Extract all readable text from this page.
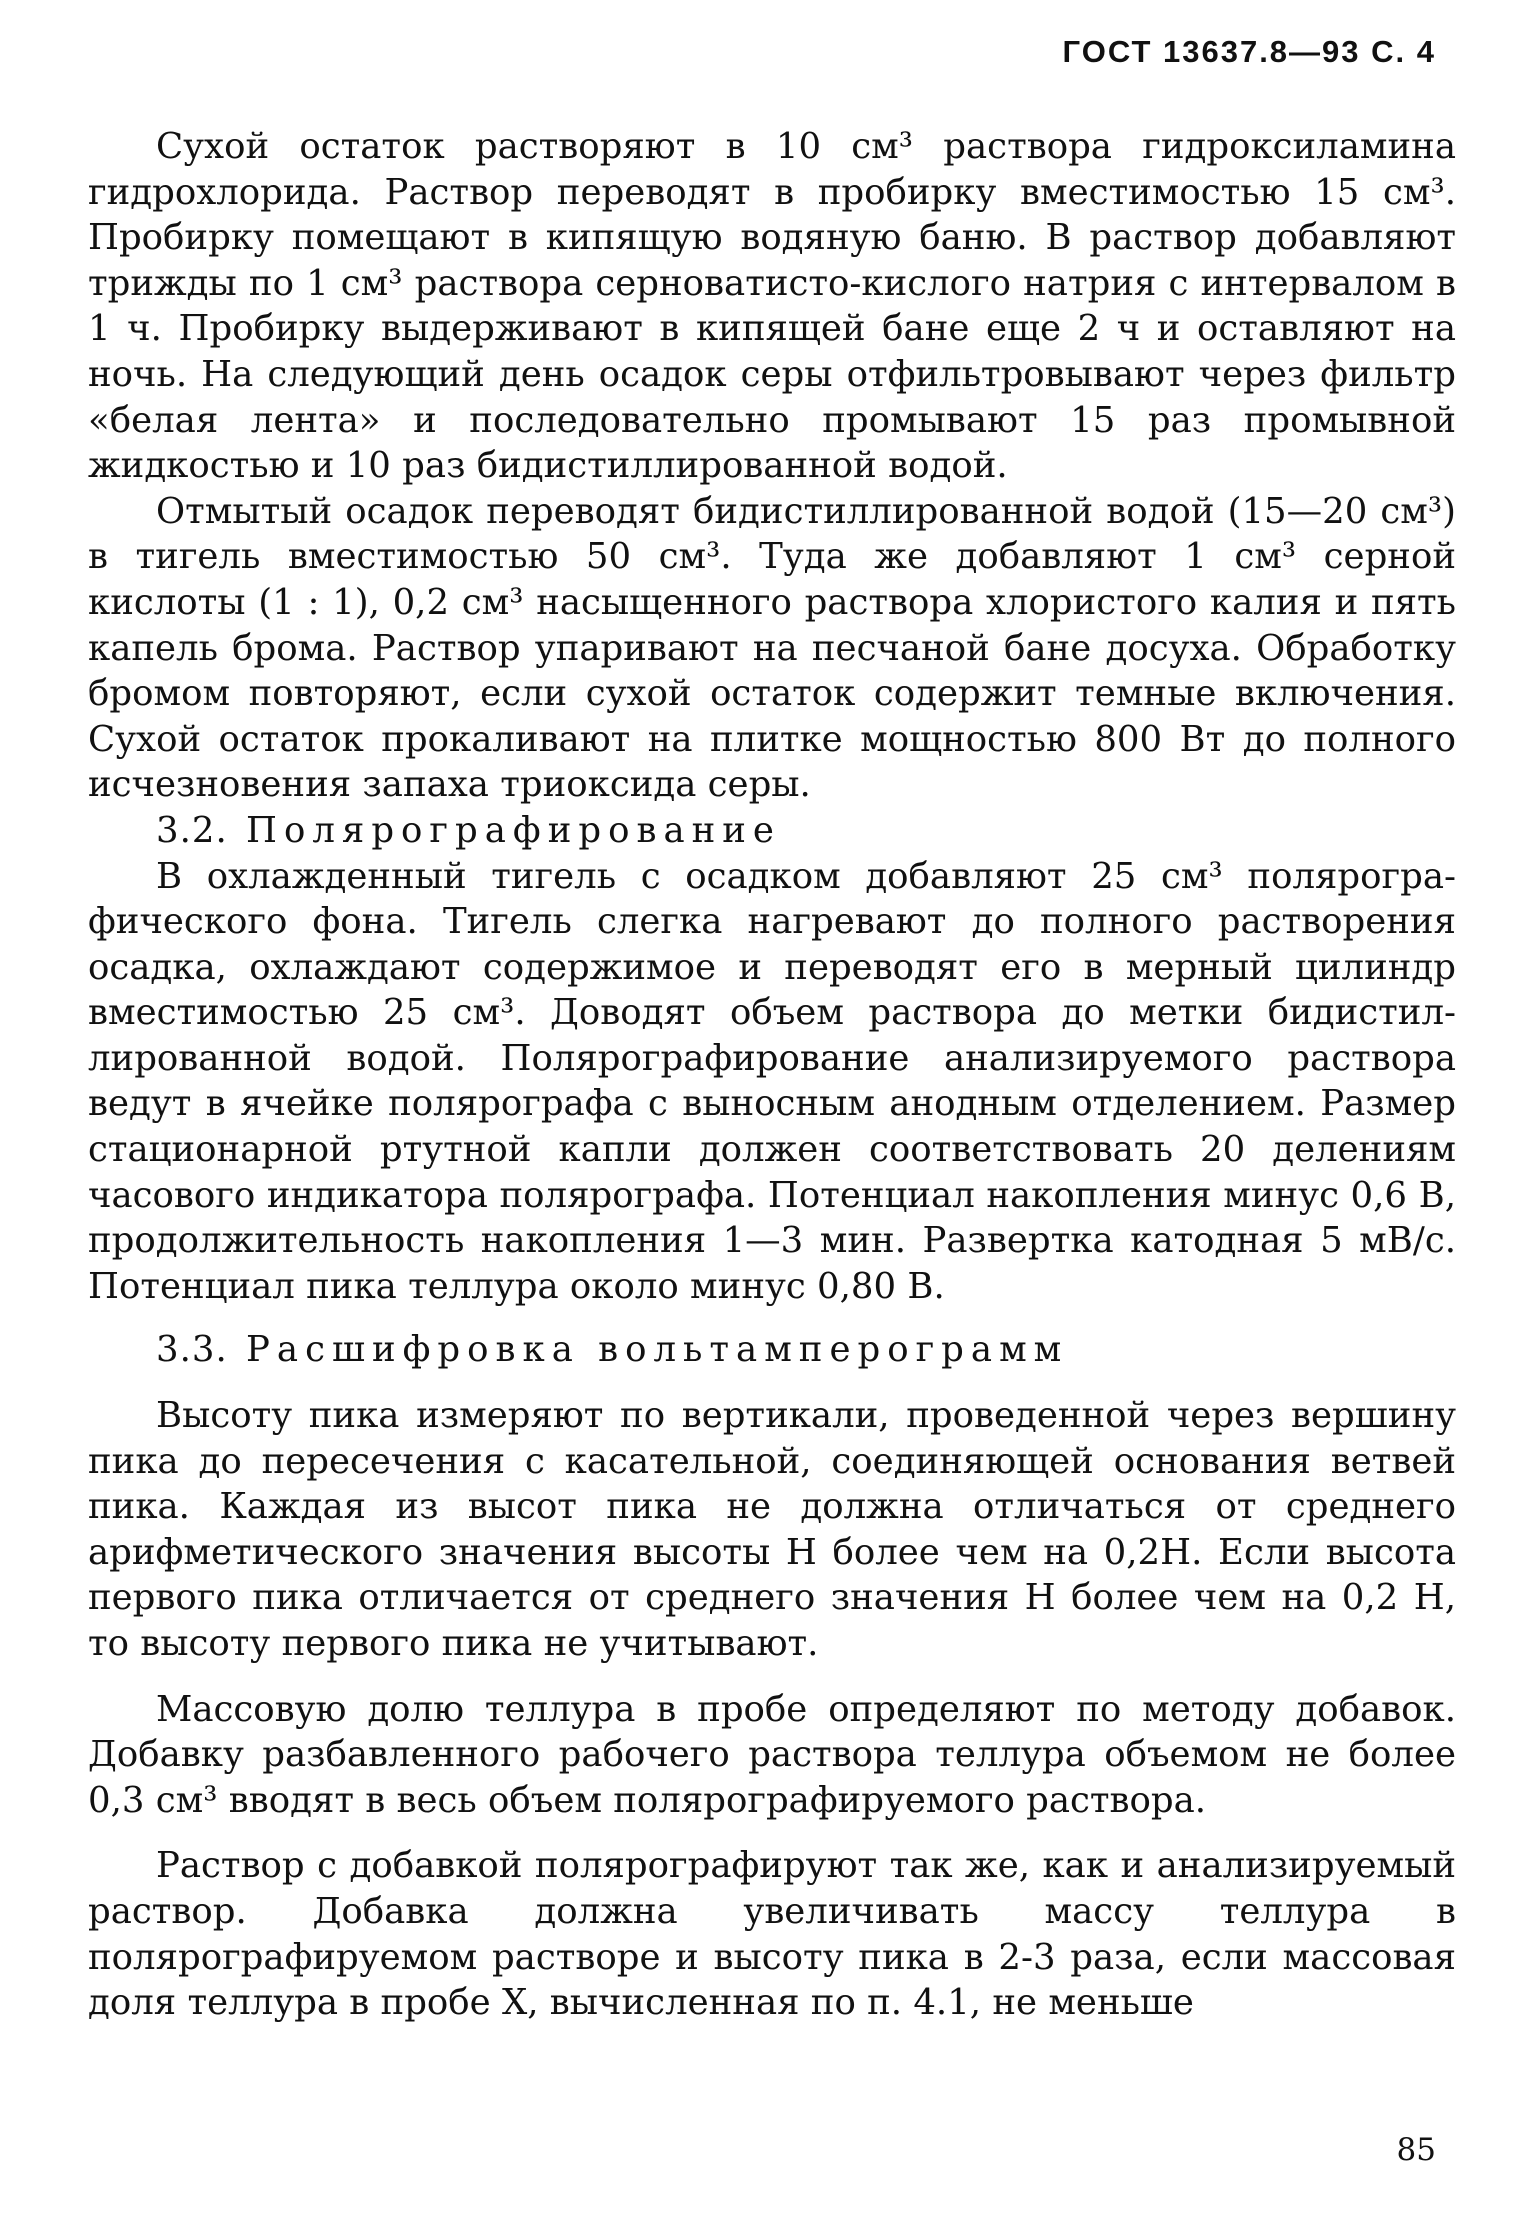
ГОСТ 13637.8—93 С. 4

Сухой остаток растворяют в 10 см³ раствора гидроксиламина гидрохлорида. Раствор переводят в пробирку вместимостью 15 см³. Пробирку помещают в кипящую водяную баню. В раствор добавляют трижды по 1 см³ раствора серноватисто-кислого натрия с интервалом в 1 ч. Пробирку выдерживают в кипящей бане еще 2 ч и оставляют на ночь. На следующий день осадок серы отфильтровывают через фильтр «белая лента» и последовательно промывают 15 раз промывной жидкостью и 10 раз бидистиллированной водой.

Отмытый осадок переводят бидистиллированной водой (15—20 см³) в тигель вместимостью 50 см³. Туда же добавляют 1 см³ серной кислоты (1 : 1), 0,2 см³ насыщенного раствора хлористого калия и пять капель брома. Раствор упаривают на песчаной бане досуха. Обработку бромом повторяют, если сухой остаток содержит темные включения. Сухой остаток прокаливают на плитке мощностью 800 Вт до полного исчезновения запаха триоксида серы.

3.2. Полярографирование

В охлажденный тигель с осадком добавляют 25 см³ полярографического фона. Тигель слегка нагревают до полного растворения осадка, охлаждают содержимое и переводят его в мерный цилиндр вместимостью 25 см³. Доводят объем раствора до метки бидистиллированной водой. Полярографирование анализируемого раствора ведут в ячейке полярографа с выносным анодным отделением. Размер стационарной ртутной капли должен соответствовать 20 делениям часового индикатора полярографа. Потенциал накопления минус 0,6 В, продолжительность накопления 1—3 мин. Развертка катодная 5 мВ/с. Потенциал пика теллура около минус 0,80 В.

3.3. Расшифровка вольтамперограмм

Высоту пика измеряют по вертикали, проведенной через вершину пика до пересечения с касательной, соединяющей основания ветвей пика. Каждая из высот пика не должна отличаться от среднего арифметического значения высоты H более чем на 0,2H. Если высота первого пика отличается от среднего значения H более чем на 0,2 H, то высоту первого пика не учитывают.

Массовую долю теллура в пробе определяют по методу добавок. Добавку разбавленного рабочего раствора теллура объемом не более 0,3 см³ вводят в весь объем полярографируемого раствора.

Раствор с добавкой полярографируют так же, как и анализируемый раствор. Добавка должна увеличивать массу теллура в полярографируемом растворе и высоту пика в 2-3 раза, если массовая доля теллура в пробе X, вычисленная по п. 4.1, не меньше

85
